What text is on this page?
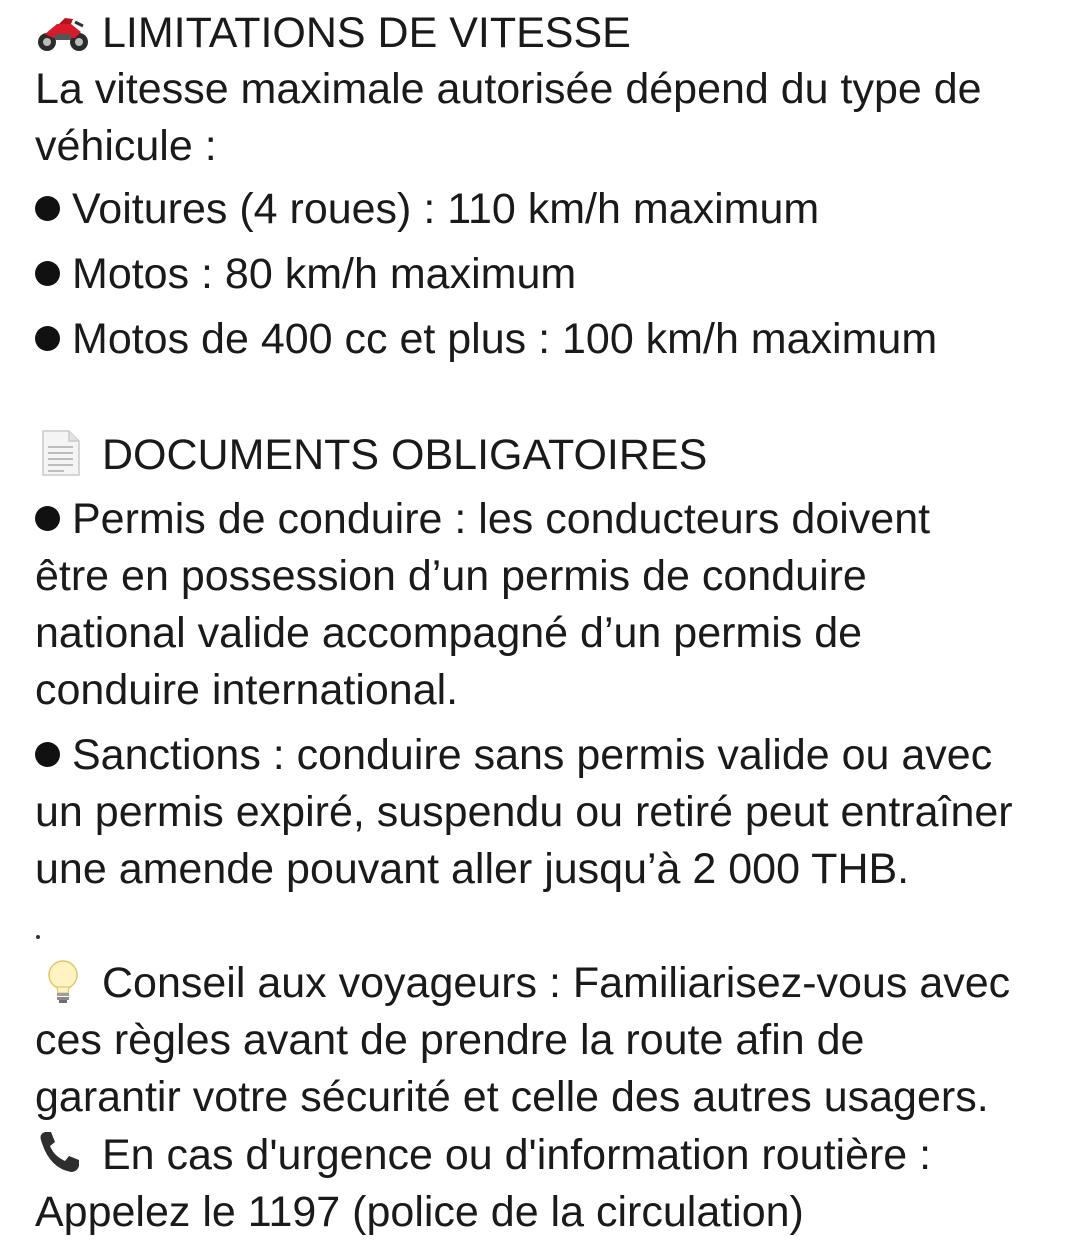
LIMITATIONS DE VITESSE
La vitesse maximale autorisée dépend du type de
véhicule :
Voitures (4 roues) : 110 km/h maximum
Motos : 80 km/h maximum
Motos de 400 cc et plus : 100 km/h maximum
DOCUMENTS OBLIGATOIRES
Permis de conduire : les conducteurs doivent
être en possession d’un permis de conduire
national valide accompagné d’un permis de
conduire international.
Sanctions : conduire sans permis valide ou avec
un permis expiré, suspendu ou retiré peut entraîner
une amende pouvant aller jusqu’à 2 000 THB.
Conseil aux voyageurs : Familiarisez-vous avec
ces règles avant de prendre la route afin de
garantir votre sécurité et celle des autres usagers.
En cas d'urgence ou d'information routière :
Appelez le 1197 (police de la circulation)
